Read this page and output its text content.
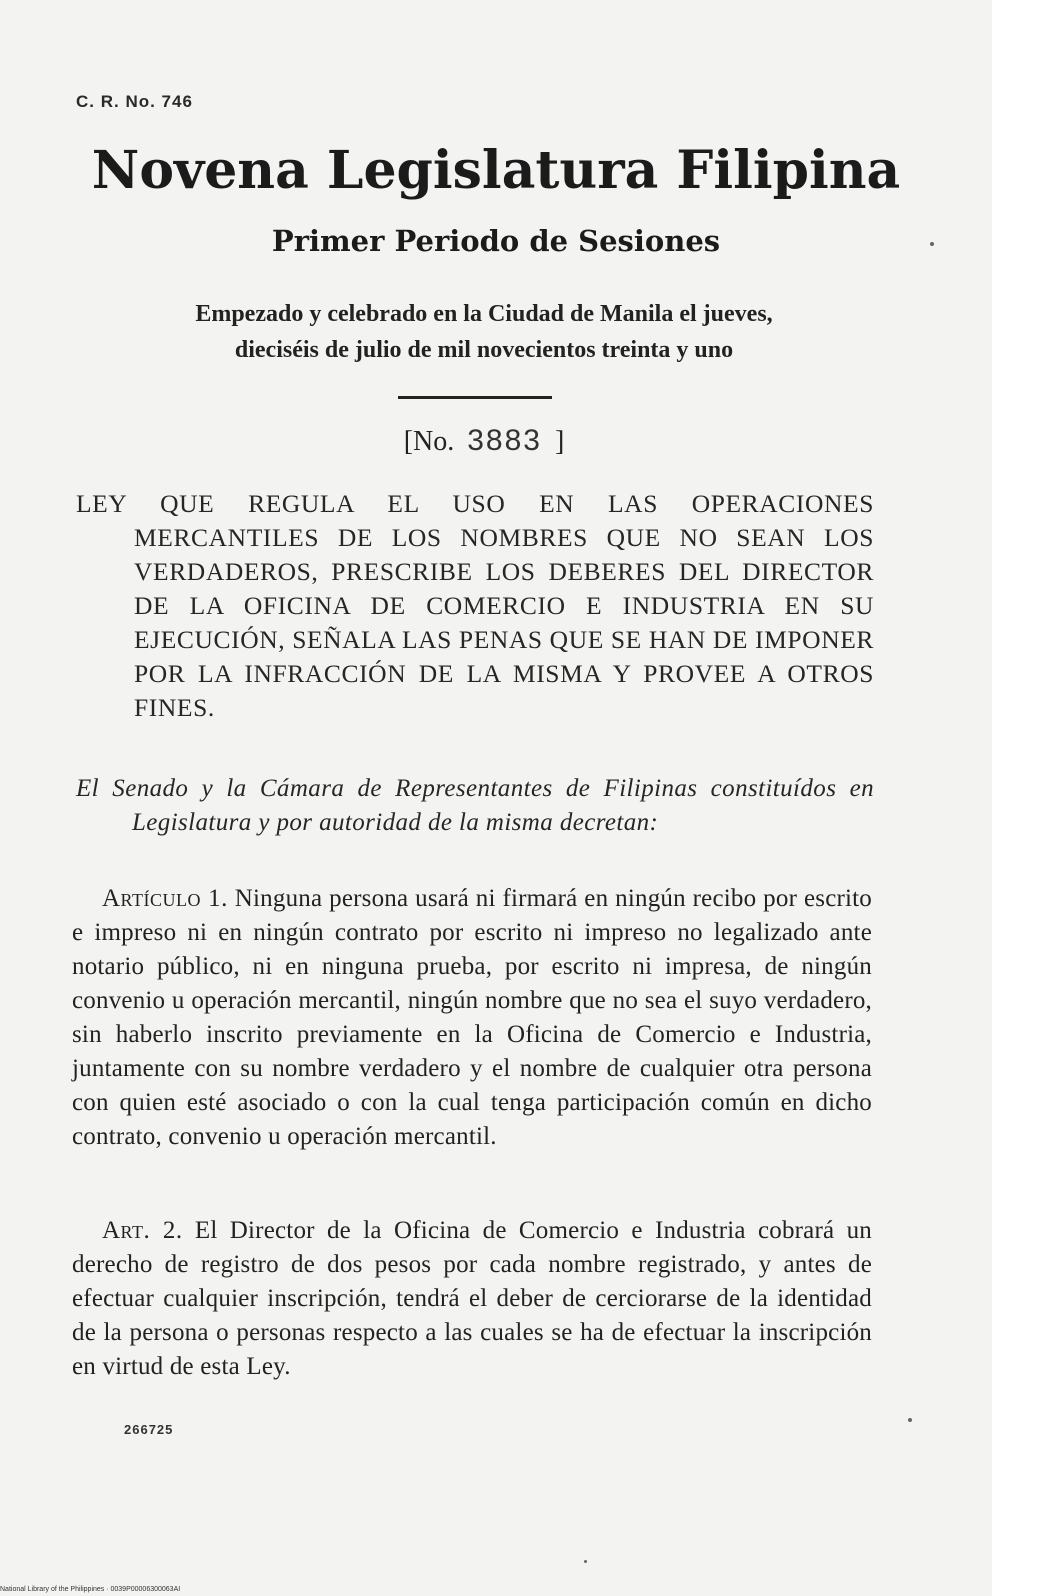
C. R. No. 746
Novena Legislatura Filipina
Primer Periodo de Sesiones
Empezado y celebrado en la Ciudad de Manila el jueves,
dieciséis de julio de mil novecientos treinta y uno
[No. 3883 ]
LEY QUE REGULA EL USO EN LAS OPERACIONES MERCANTILES DE LOS NOMBRES QUE NO SEAN LOS VERDADEROS, PRESCRIBE LOS DEBERES DEL DIRECTOR DE LA OFICINA DE COMERCIO E INDUSTRIA EN SU EJECUCIÓN, SEÑALA LAS PENAS QUE SE HAN DE IMPONER POR LA INFRACCIÓN DE LA MISMA Y PROVEE A OTROS FINES.
El Senado y la Cámara de Representantes de Filipinas constituídos en Legislatura y por autoridad de la misma decretan:
Artículo 1. Ninguna persona usará ni firmará en ningún recibo por escrito e impreso ni en ningún contrato por escrito ni impreso no legalizado ante notario público, ni en ninguna prueba, por escrito ni impresa, de ningún convenio u operación mercantil, ningún nombre que no sea el suyo verdadero, sin haberlo inscrito previamente en la Oficina de Comercio e Industria, juntamente con su nombre verdadero y el nombre de cualquier otra persona con quien esté asociado o con la cual tenga participación común en dicho contrato, convenio u operación mercantil.
Art. 2. El Director de la Oficina de Comercio e Industria cobrará un derecho de registro de dos pesos por cada nombre registrado, y antes de efectuar cualquier inscripción, tendrá el deber de cerciorarse de la identidad de la persona o personas respecto a las cuales se ha de efectuar la inscripción en virtud de esta Ley.
266725
National Library of the Philippines · 0039P00006300063AI
